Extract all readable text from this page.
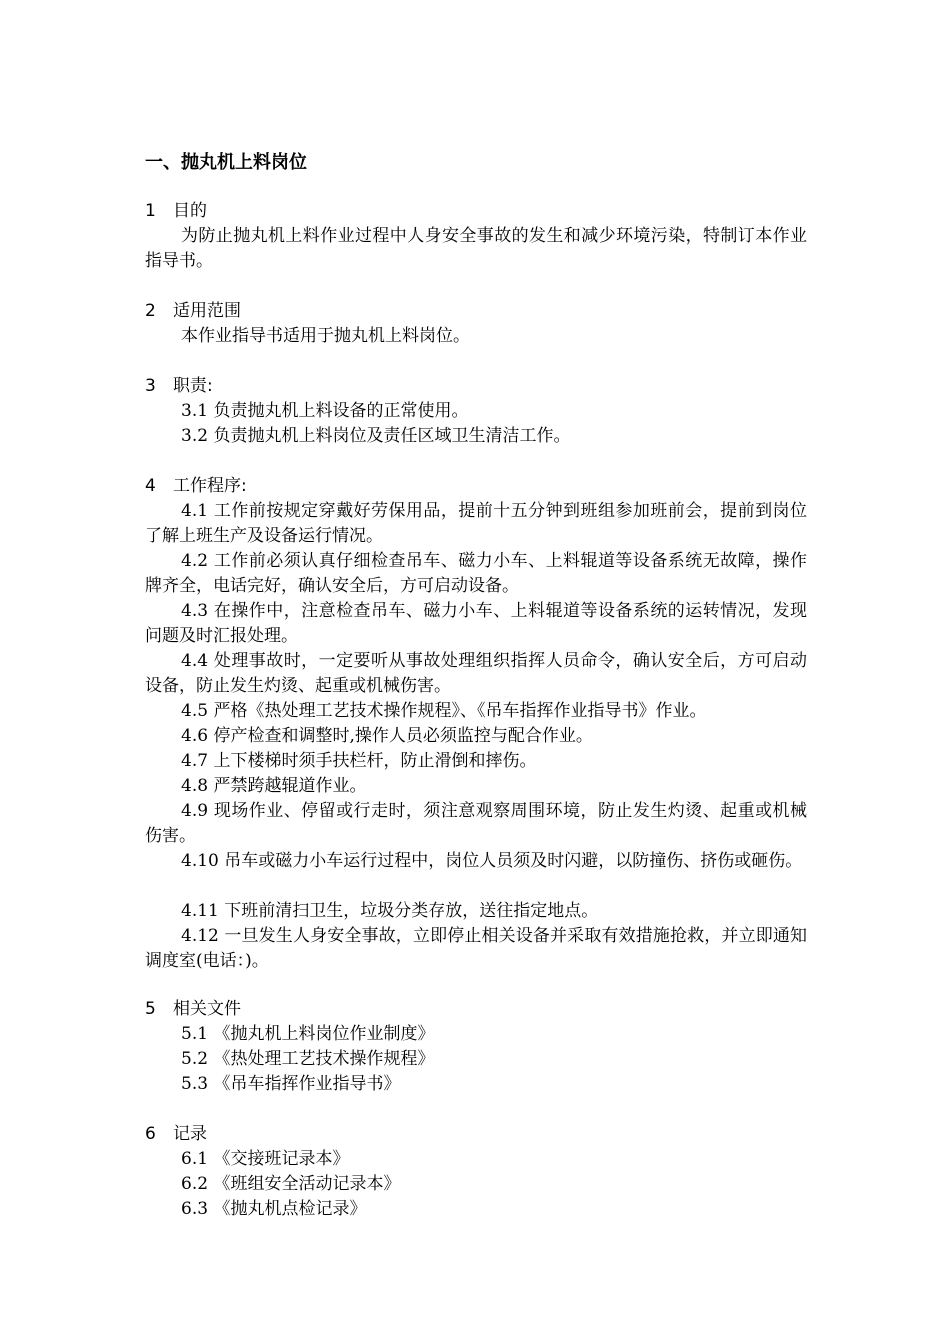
一、抛丸机上料岗位
1 目的
为防止抛丸机上料作业过程中人身安全事故的发生和减少环境污染，特制订本作业指导书。
2 适用范围
本作业指导书适用于抛丸机上料岗位。
3 职责:
3.1 负责抛丸机上料设备的正常使用。
3.2 负责抛丸机上料岗位及责任区域卫生清洁工作。
4 工作程序:
4.1 工作前按规定穿戴好劳保用品，提前十五分钟到班组参加班前会，提前到岗位了解上班生产及设备运行情况。
4.2 工作前必须认真仔细检查吊车、磁力小车、上料辊道等设备系统无故障，操作牌齐全，电话完好，确认安全后，方可启动设备。
4.3 在操作中，注意检查吊车、磁力小车、上料辊道等设备系统的运转情况，发现问题及时汇报处理。
4.4 处理事故时，一定要听从事故处理组织指挥人员命令，确认安全后，方可启动设备，防止发生灼烫、起重或机械伤害。
4.5 严格《热处理工艺技术操作规程》、《吊车指挥作业指导书》作业。
4.6 停产检查和调整时,操作人员必须监控与配合作业。
4.7 上下楼梯时须手扶栏杆，防止滑倒和摔伤。
4.8 严禁跨越辊道作业。
4.9 现场作业、停留或行走时，须注意观察周围环境，防止发生灼烫、起重或机械伤害。
4.10 吊车或磁力小车运行过程中，岗位人员须及时闪避，以防撞伤、挤伤或砸伤。
4.11 下班前清扫卫生，垃圾分类存放，送往指定地点。
4.12 一旦发生人身安全事故，立即停止相关设备并采取有效措施抢救，并立即通知调度室(电话：)。
5 相关文件
5.1 《抛丸机上料岗位作业制度》
5.2 《热处理工艺技术操作规程》
5.3 《吊车指挥作业指导书》
6 记录
6.1 《交接班记录本》
6.2 《班组安全活动记录本》
6.3 《抛丸机点检记录》
